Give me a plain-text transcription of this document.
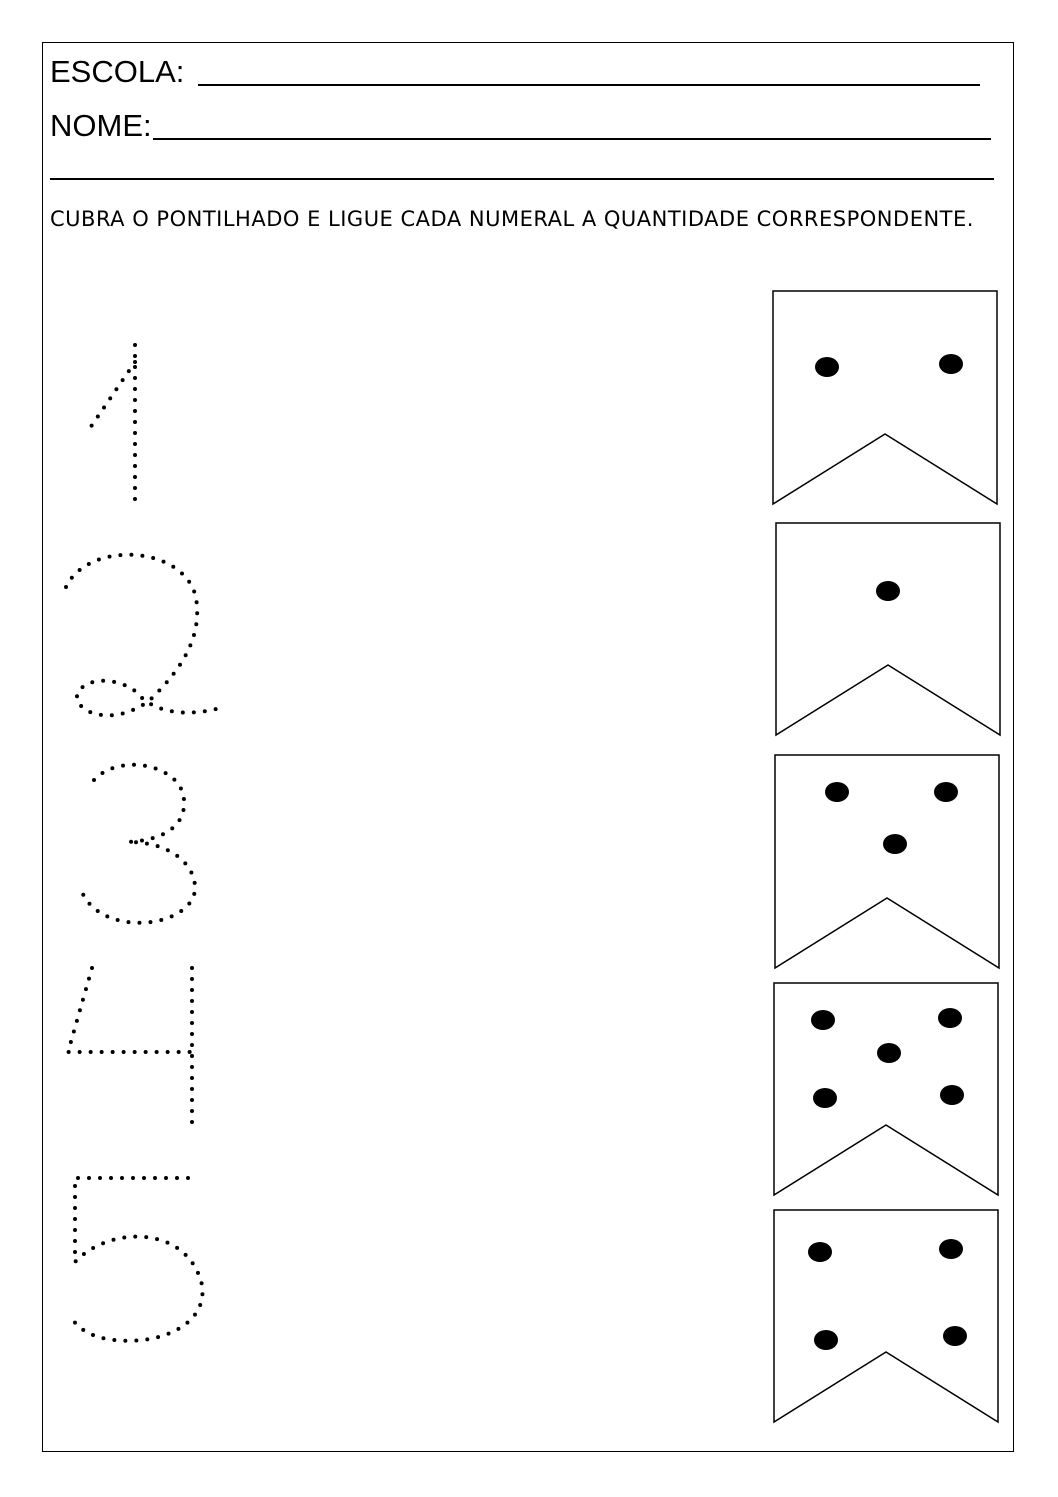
ESCOLA:
NOME:
CUBRA O PONTILHADO E LIGUE CADA NUMERAL A QUANTIDADE CORRESPONDENTE.
